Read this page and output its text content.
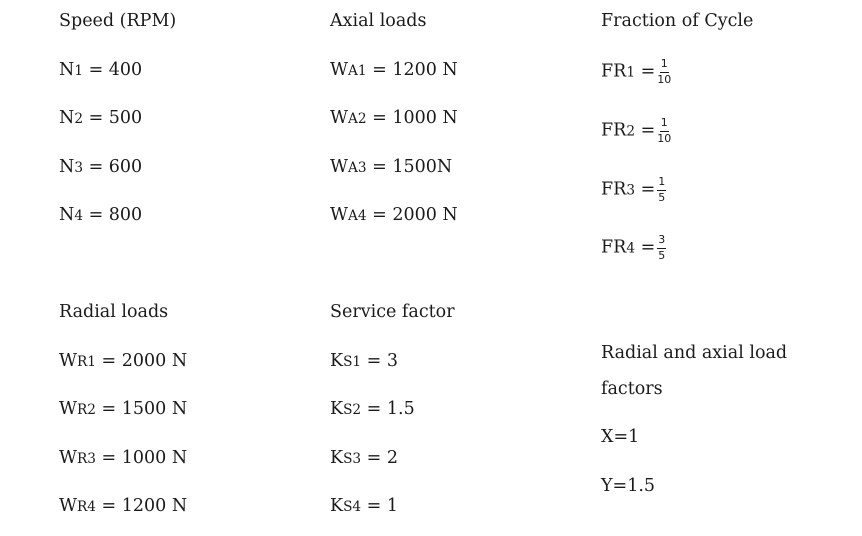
Speed (RPM)
N1 = 400
N2 = 500
N3 = 600
N4 = 800
Axial loads
WA1 = 1200 N
WA2 = 1000 N
WA3 = 1500N
WA4 = 2000 N
Fraction of Cycle
$FR1 = \frac{1}{10}$
$FR2 = \frac{1}{10}$
$FR3 = \frac{1}{5}$
$FR4 = \frac{3}{5}$
Radial loads
WR1 = 2000 N
WR2 = 1500 N
WR3 = 1000 N
WR4 = 1200 N
Service factor
KS1 = 3
KS2 = 1.5
KS3 = 2
KS4 = 1
Radial and axial load
factors
X=1
Y=1.5
